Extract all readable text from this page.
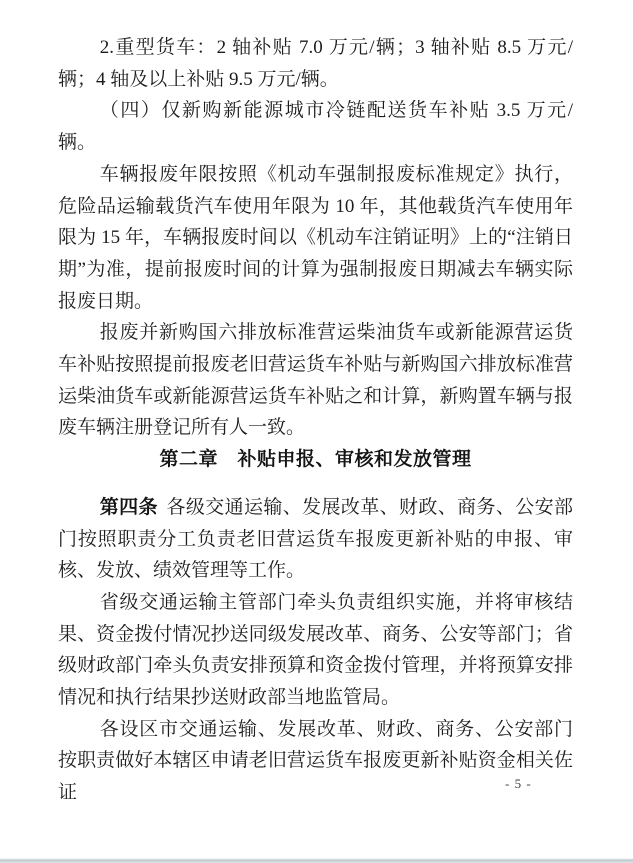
2.重型货车：2 轴补贴 7.0 万元/辆；3 轴补贴 8.5 万元/辆；4 轴及以上补贴 9.5 万元/辆。

（四）仅新购新能源城市冷链配送货车补贴 3.5 万元/辆。

车辆报废年限按照《机动车强制报废标准规定》执行，危险品运输载货汽车使用年限为 10 年，其他载货汽车使用年限为 15 年，车辆报废时间以《机动车注销证明》上的“注销日期”为准，提前报废时间的计算为强制报废日期减去车辆实际报废日期。

报废并新购国六排放标准营运柴油货车或新能源营运货车补贴按照提前报废老旧营运货车补贴与新购国六排放标准营运柴油货车或新能源营运货车补贴之和计算，新购置车辆与报废车辆注册登记所有人一致。

第二章　补贴申报、审核和发放管理

第四条 各级交通运输、发展改革、财政、商务、公安部门按照职责分工负责老旧营运货车报废更新补贴的申报、审核、发放、绩效管理等工作。

省级交通运输主管部门牵头负责组织实施，并将审核结果、资金拨付情况抄送同级发展改革、商务、公安等部门；省级财政部门牵头负责安排预算和资金拨付管理，并将预算安排情况和执行结果抄送财政部当地监管局。

各设区市交通运输、发展改革、财政、商务、公安部门按职责做好本辖区申请老旧营运货车报废更新补贴资金相关佐证	- 5 -
